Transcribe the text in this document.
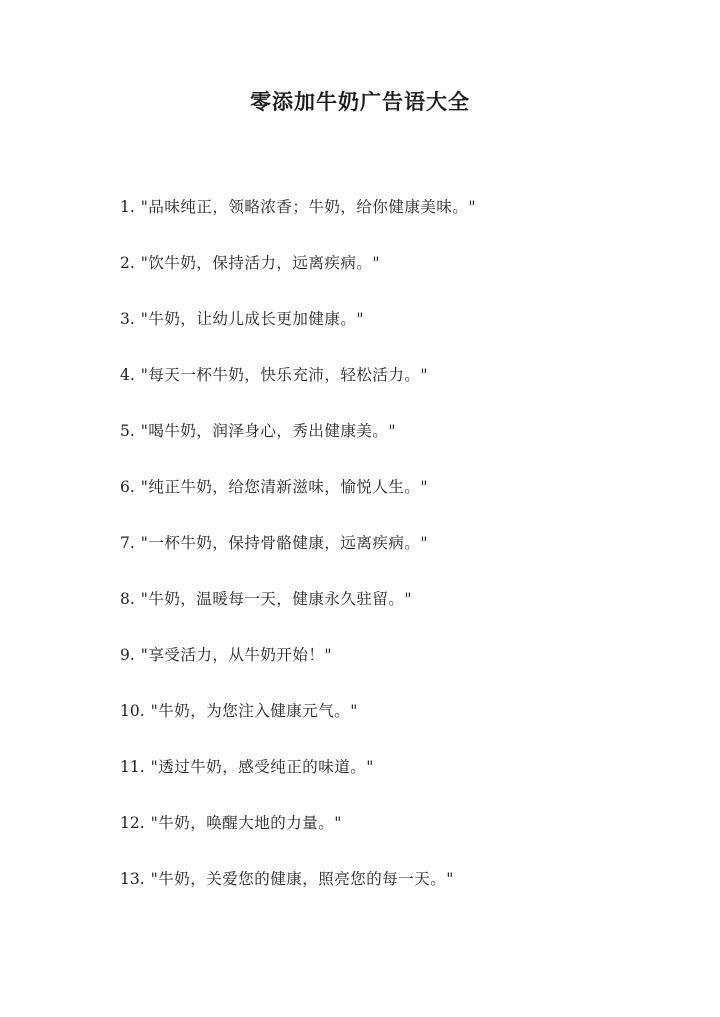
零添加牛奶广告语大全
1. "品味纯正，领略浓香；牛奶，给你健康美味。"
2. "饮牛奶，保持活力，远离疾病。"
3. "牛奶，让幼儿成长更加健康。"
4. "每天一杯牛奶，快乐充沛，轻松活力。"
5. "喝牛奶，润泽身心，秀出健康美。"
6. "纯正牛奶，给您清新滋味，愉悦人生。"
7. "一杯牛奶，保持骨骼健康，远离疾病。"
8. "牛奶，温暖每一天，健康永久驻留。"
9. "享受活力，从牛奶开始！"
10. "牛奶，为您注入健康元气。"
11. "透过牛奶，感受纯正的味道。"
12. "牛奶，唤醒大地的力量。"
13. "牛奶，关爱您的健康，照亮您的每一天。"
